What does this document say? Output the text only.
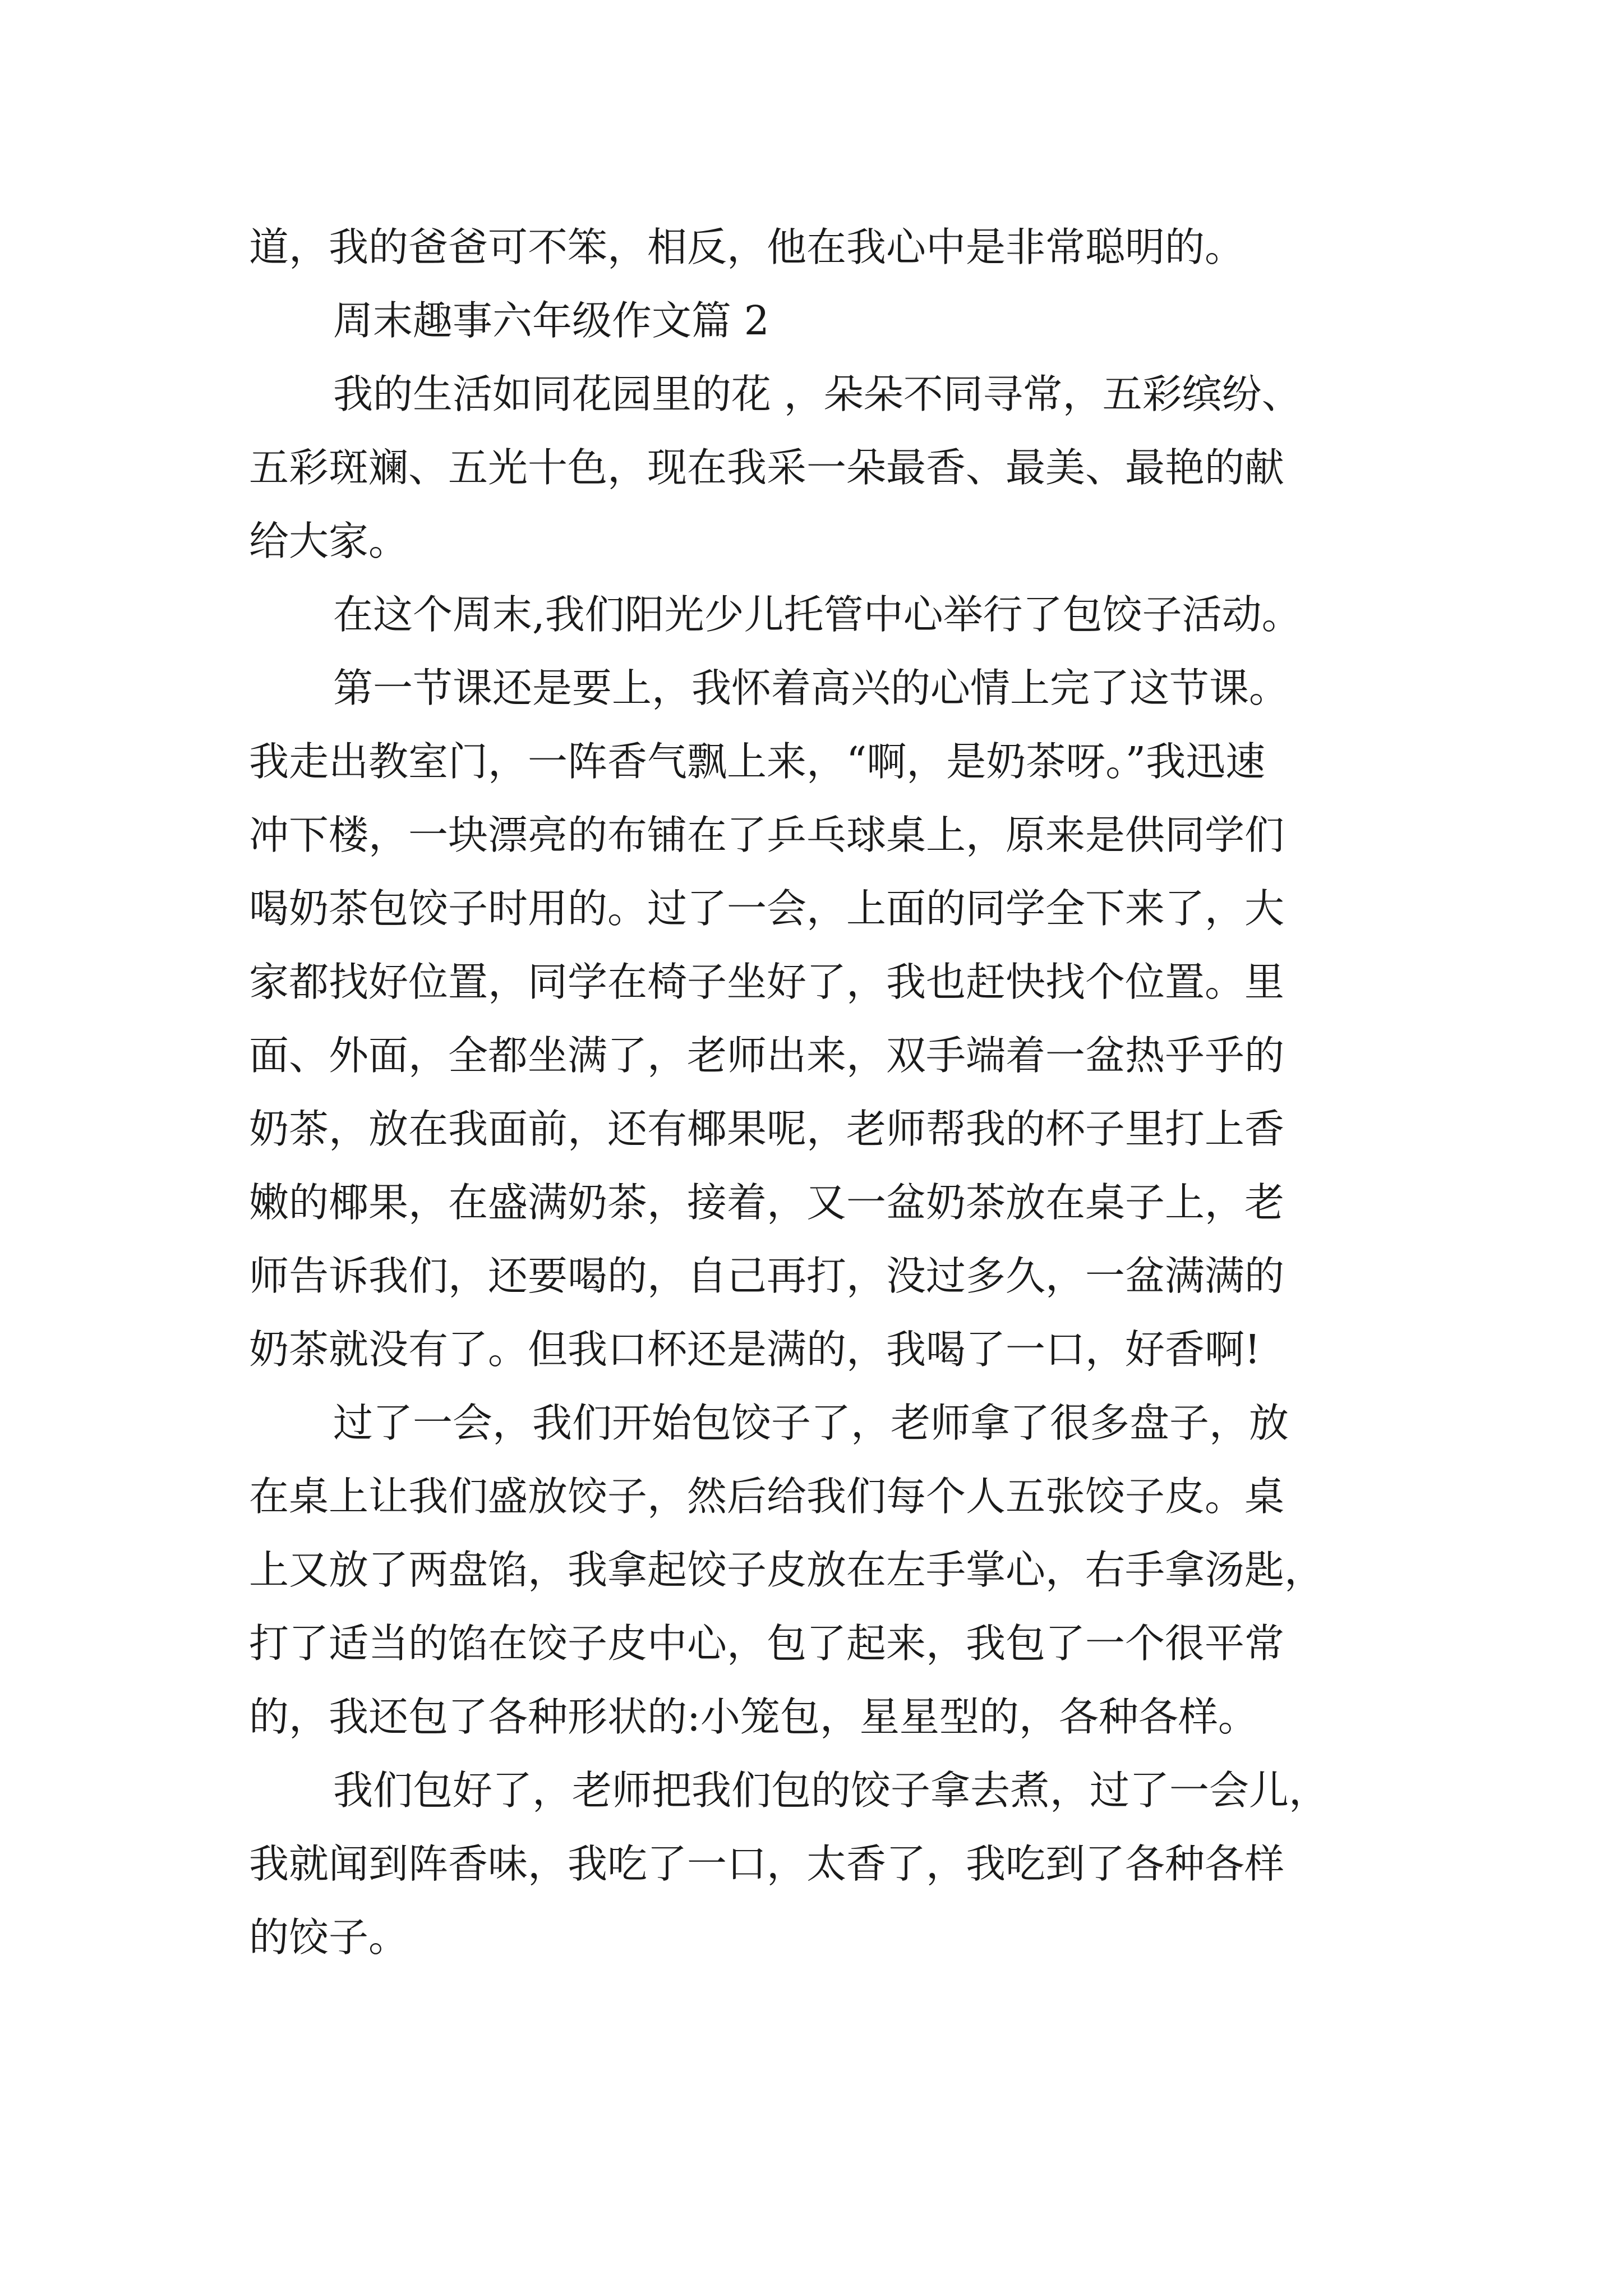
道，我的爸爸可不笨，相反，他在我心中是非常聪明的。
周末趣事六年级作文篇 2
我的生活如同花园里的花 ，朵朵不同寻常，五彩缤纷、
五彩斑斓、五光十色，现在我采一朵最香、最美、最艳的献
给大家。
在这个周末,我们阳光少儿托管中心举行了包饺子活动。
第一节课还是要上，我怀着高兴的心情上完了这节课。
我走出教室门，一阵香气飘上来，“啊，是奶茶呀。”我迅速
冲下楼，一块漂亮的布铺在了乒乓球桌上，原来是供同学们
喝奶茶包饺子时用的。过了一会，上面的同学全下来了，大
家都找好位置，同学在椅子坐好了，我也赶快找个位置。里
面、外面，全都坐满了，老师出来，双手端着一盆热乎乎的
奶茶，放在我面前，还有椰果呢，老师帮我的杯子里打上香
嫩的椰果，在盛满奶茶，接着，又一盆奶茶放在桌子上，老
师告诉我们，还要喝的，自己再打，没过多久，一盆满满的
奶茶就没有了。但我口杯还是满的，我喝了一口，好香啊!
过了一会，我们开始包饺子了，老师拿了很多盘子，放
在桌上让我们盛放饺子，然后给我们每个人五张饺子皮。桌
上又放了两盘馅，我拿起饺子皮放在左手掌心，右手拿汤匙，
打了适当的馅在饺子皮中心，包了起来，我包了一个很平常
的，我还包了各种形状的:小笼包，星星型的，各种各样。
我们包好了，老师把我们包的饺子拿去煮，过了一会儿，
我就闻到阵香味，我吃了一口，太香了，我吃到了各种各样
的饺子。
